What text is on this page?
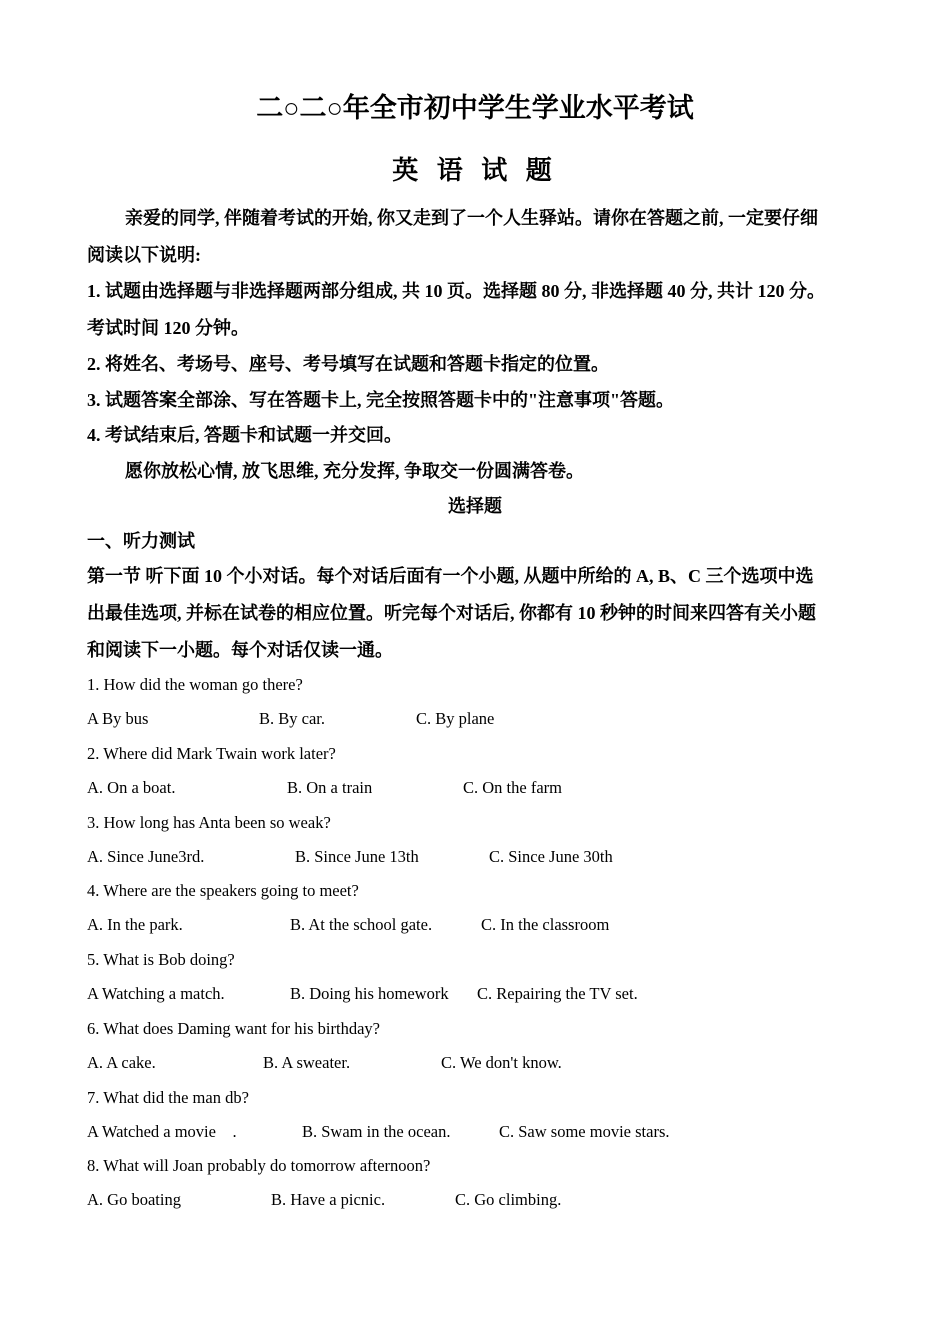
二○二○年全市初中学生学业水平考试
英 语 试 题
亲爱的同学, 伴随着考试的开始, 你又走到了一个人生驿站。请你在答题之前, 一定要仔细
阅读以下说明:
1. 试题由选择题与非选择题两部分组成, 共 10 页。选择题 80 分, 非选择题 40 分, 共计 120 分。
考试时间 120 分钟。
2. 将姓名、考场号、座号、考号填写在试题和答题卡指定的位置。
3. 试题答案全部涂、写在答题卡上, 完全按照答题卡中的"注意事项"答题。
4. 考试结束后, 答题卡和试题一并交回。
愿你放松心情, 放飞思维, 充分发挥, 争取交一份圆满答卷。
选择题
一、听力测试
第一节 听下面 10 个小对话。每个对话后面有一个小题, 从题中所给的 A, B、C 三个选项中选
出最佳选项, 并标在试卷的相应位置。听完每个对话后, 你都有 10 秒钟的时间来四答有关小题
和阅读下一小题。每个对话仅读一通。
1. How did the woman go there?
A By bus	B. By car.	C. By plane
2. Where did Mark Twain work later?
A. On a boat.	B. On a train	C. On the farm
3. How long has Anta been so weak?
A. Since June3rd.	B. Since June 13th	C. Since June 30th
4. Where are the speakers going to meet?
A. In the park.	B. At the school gate.	C. In the classroom
5. What is Bob doing?
A Watching a match.	B. Doing his homework C. Repairing the TV set.
6. What does Daming want for his birthday?
A. A cake.	B. A sweater.	C. We don't know.
7. What did the man db?
A Watched a movie    .	B. Swam in the ocean.	C. Saw some movie stars.
8. What will Joan probably do tomorrow afternoon?
A. Go boating	B. Have a picnic.	C. Go climbing.
